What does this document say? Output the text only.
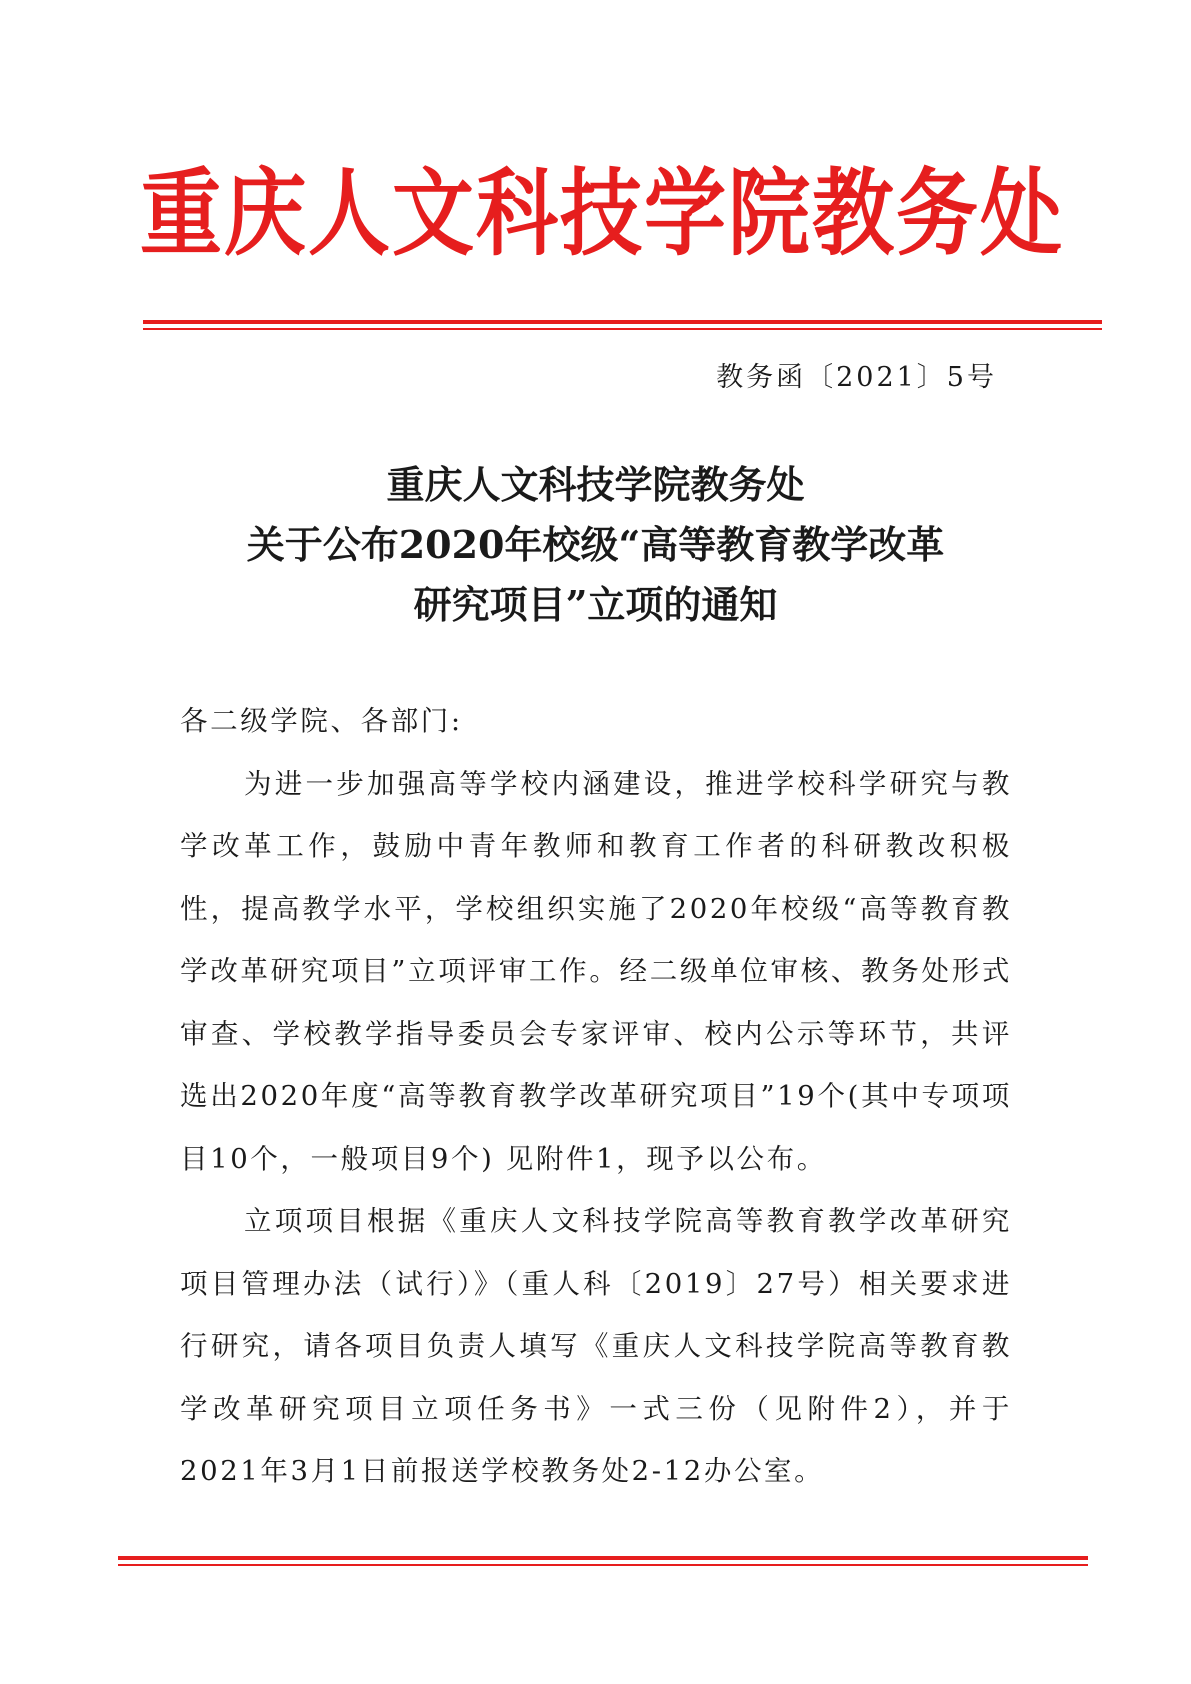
重庆人文科技学院教务处
教务函〔2021〕5号
重庆人文科技学院教务处
关于公布2020年校级“高等教育教学改革
研究项目”立项的通知

各二级学院、各部门:

为进一步加强高等学校内涵建设，推进学校科学研究与教学改革工作，鼓励中青年教师和教育工作者的科研教改积极性，提高教学水平，学校组织实施了2020年校级“高等教育教学改革研究项目”立项评审工作。经二级单位审核、教务处形式审查、学校教学指导委员会专家评审、校内公示等环节，共评选出2020年度“高等教育教学改革研究项目”19个(其中专项项目10个，一般项目9个) 见附件1，现予以公布。

立项项目根据《重庆人文科技学院高等教育教学改革研究项目管理办法（试行）》（重人科〔2019〕27号）相关要求进行研究，请各项目负责人填写《重庆人文科技学院高等教育教学改革研究项目立项任务书》一式三份（见附件2），并于2021年3月1日前报送学校教务处2-12办公室。
